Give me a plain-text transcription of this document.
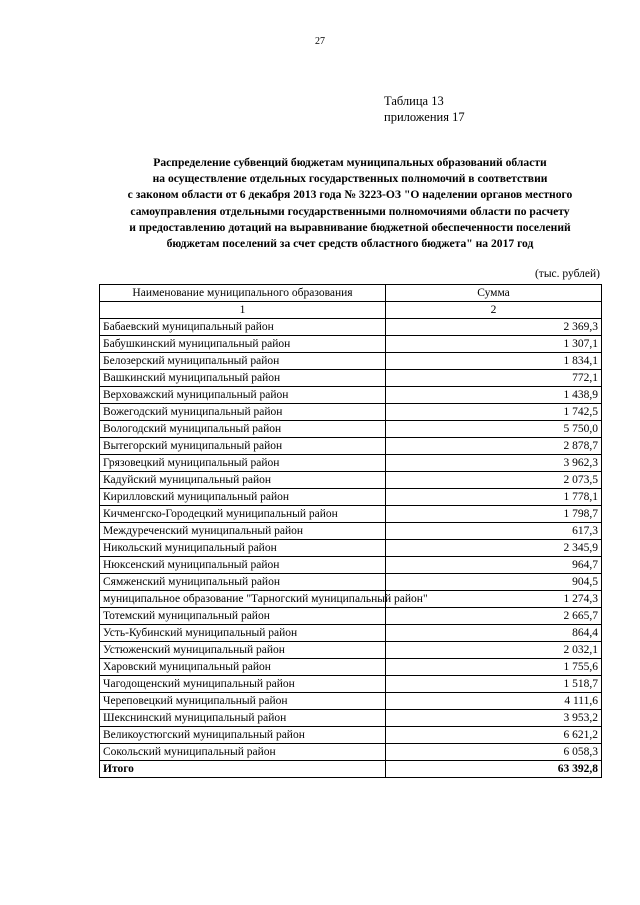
27
Таблица 13
приложения 17
Распределение субвенций бюджетам муниципальных образований области
на осуществление отдельных государственных полномочий в соответствии
с законом области от 6 декабря 2013 года № 3223-ОЗ "О наделении органов местного
самоуправления отдельными государственными полномочиями области по расчету
и предоставлению дотаций на выравнивание бюджетной обеспеченности поселений
бюджетам поселений за счет средств областного бюджета" на 2017 год
(тыс. рублей)
Наименование муниципального образования	Сумма
1	2
Бабаевский муниципальный район	2 369,3
Бабушкинский муниципальный район	1 307,1
Белозерский муниципальный район	1 834,1
Вашкинский муниципальный район	772,1
Верховажский муниципальный район	1 438,9
Вожегодский муниципальный район	1 742,5
Вологодский муниципальный район	5 750,0
Вытегорский муниципальный район	2 878,7
Грязовецкий муниципальный район	3 962,3
Кадуйский муниципальный район	2 073,5
Кирилловский муниципальный район	1 778,1
Кичменгско-Городецкий муниципальный район	1 798,7
Междуреченский муниципальный район	617,3
Никольский муниципальный район	2 345,9
Нюксенский муниципальный район	964,7
Сямженский муниципальный район	904,5
муниципальное образование "Тарногский муниципальный район"	1 274,3
Тотемский муниципальный район	2 665,7
Усть-Кубинский муниципальный район	864,4
Устюженский муниципальный район	2 032,1
Харовский муниципальный район	1 755,6
Чагодощенский муниципальный район	1 518,7
Череповецкий муниципальный район	4 111,6
Шекснинский муниципальный район	3 953,2
Великоустюгский муниципальный район	6 621,2
Сокольский муниципальный район	6 058,3
Итого	63 392,8
